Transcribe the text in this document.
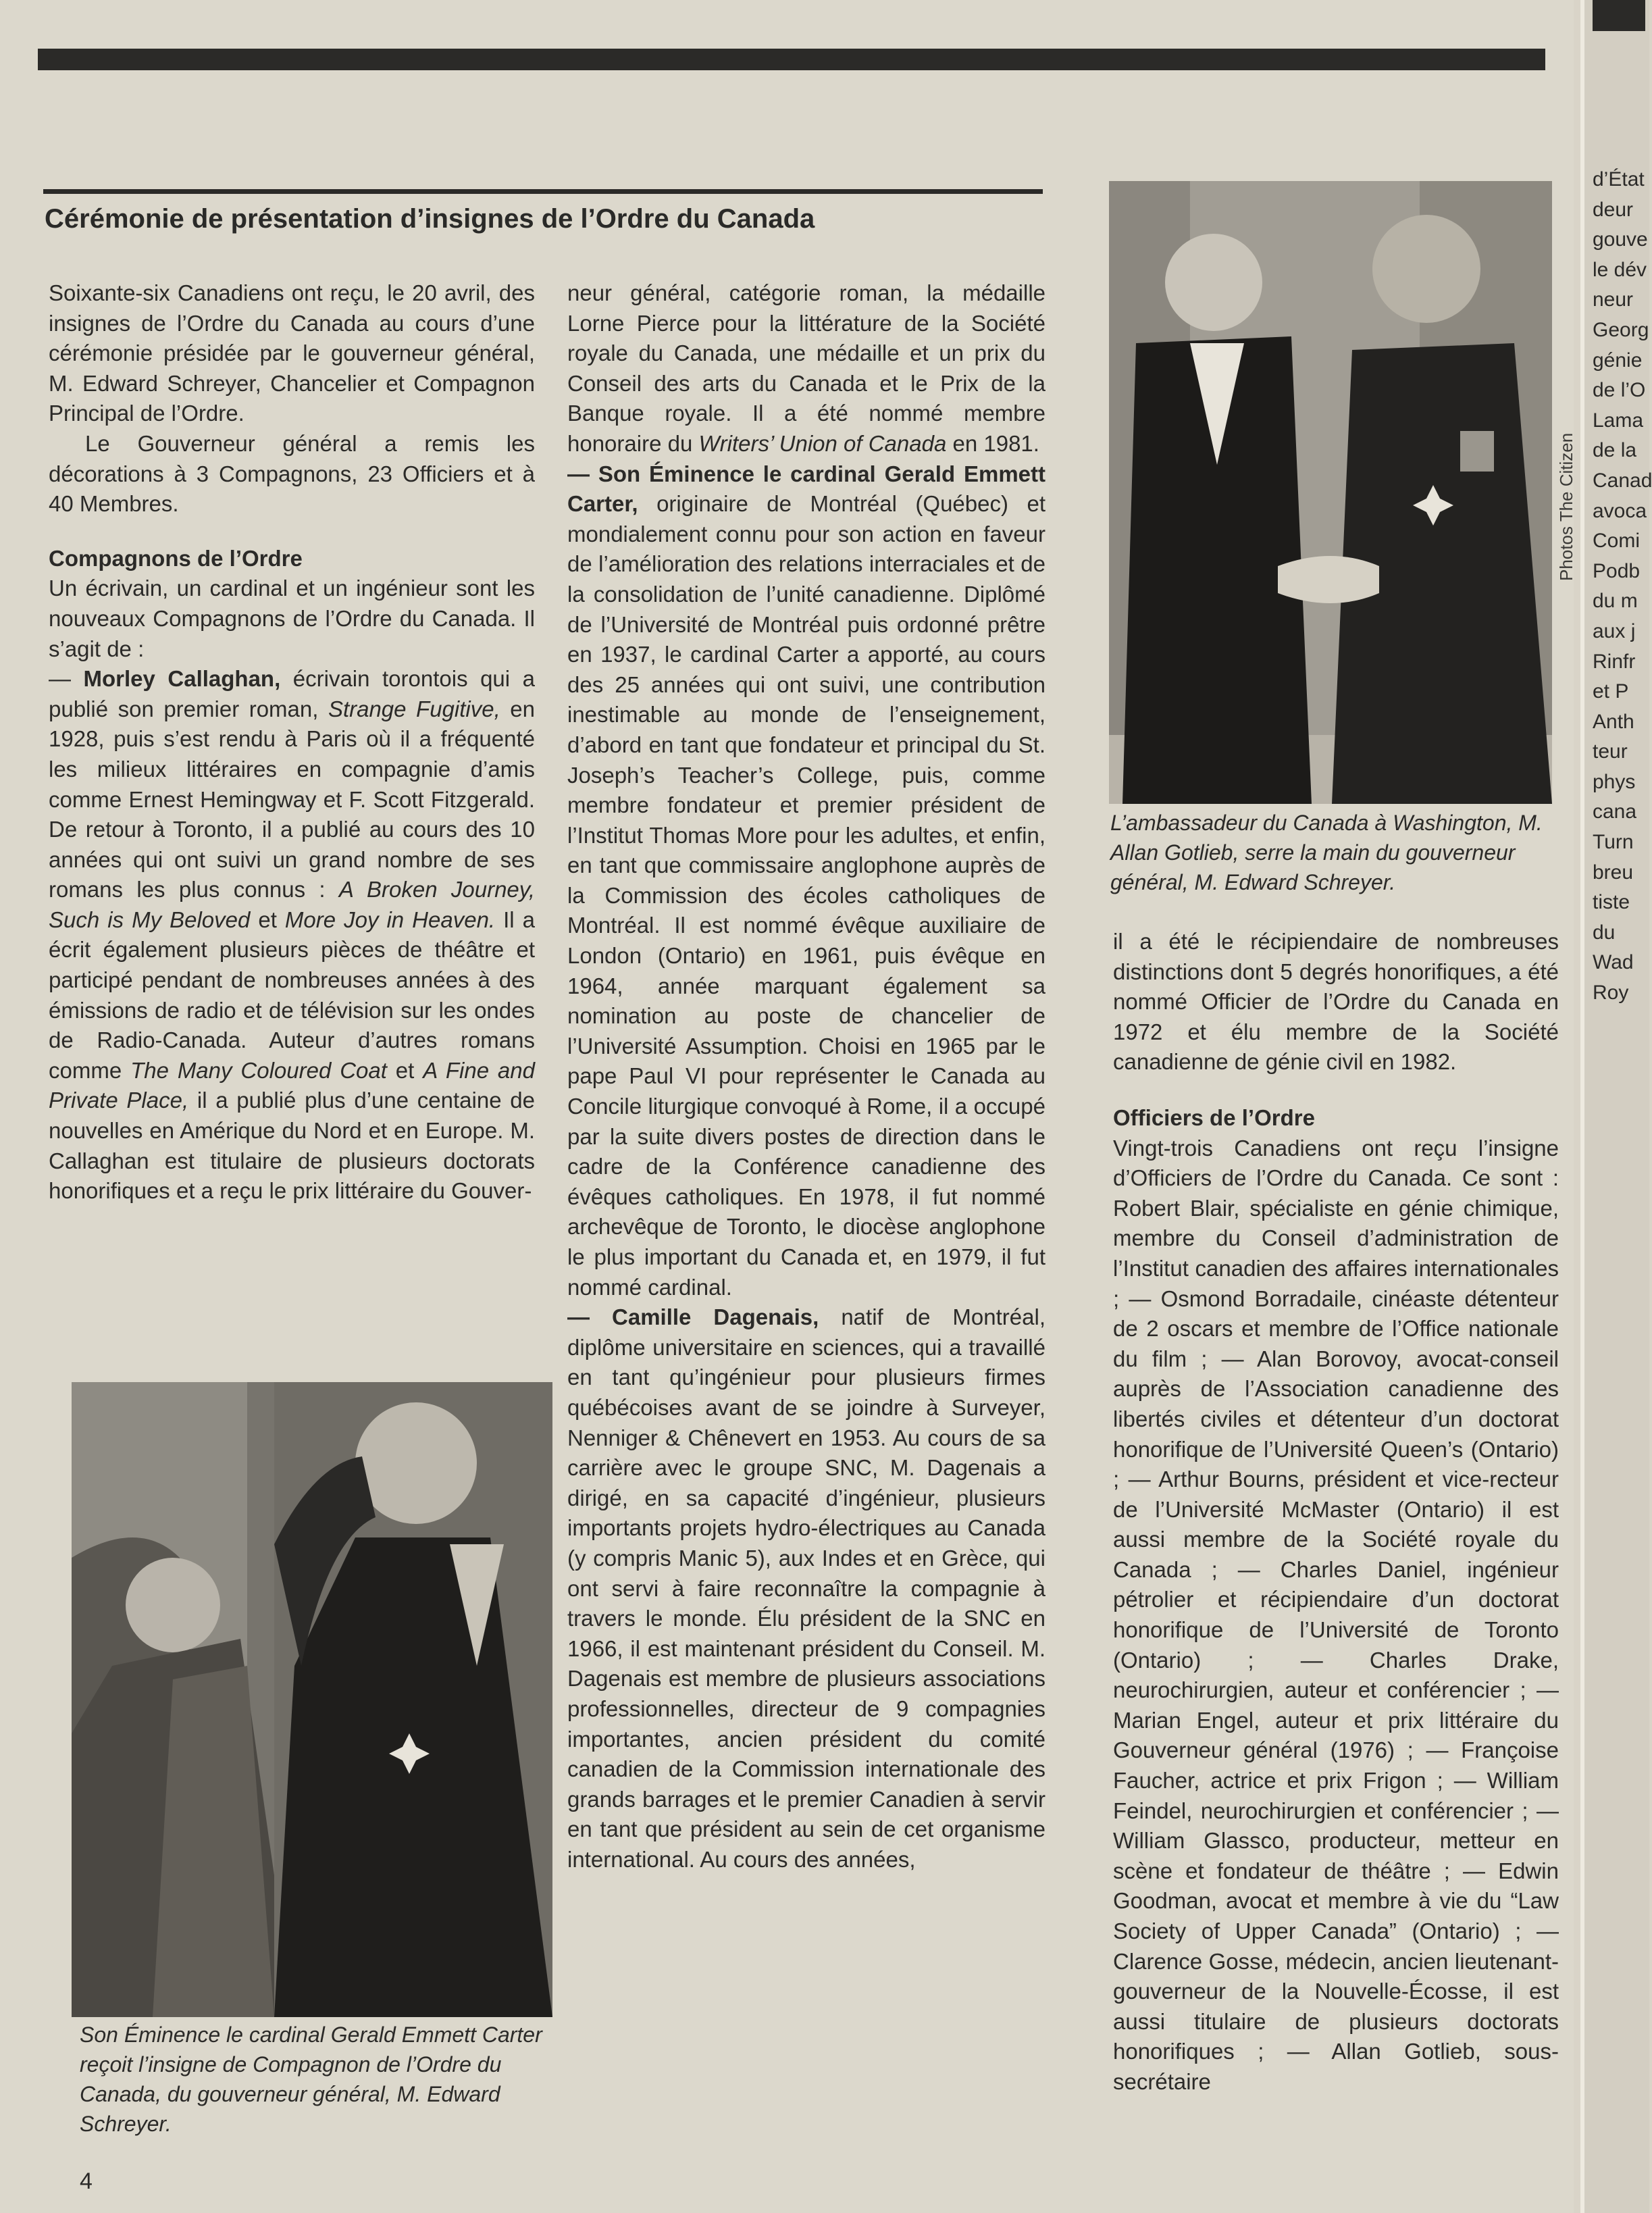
Cérémonie de présentation d’insignes de l’Ordre du Canada

Soixante-six Canadiens ont reçu, le 20 avril, des insignes de l’Ordre du Canada au cours d’une cérémonie présidée par le gouverneur général, M. Edward Schreyer, Chancelier et Compagnon Principal de l’Ordre.

Le Gouverneur général a remis les décorations à 3 Compagnons, 23 Officiers et à 40 Membres.

Compagnons de l’Ordre

Un écrivain, un cardinal et un ingénieur sont les nouveaux Compagnons de l’Ordre du Canada. Il s’agit de :

— Morley Callaghan, écrivain torontois qui a publié son premier roman, Strange Fugitive, en 1928, puis s’est rendu à Paris où il a fréquenté les milieux littéraires en compagnie d’amis comme Ernest Hemingway et F. Scott Fitzgerald. De retour à Toronto, il a publié au cours des 10 années qui ont suivi un grand nombre de ses romans les plus connus : A Broken Journey, Such is My Beloved et More Joy in Heaven. Il a écrit également plusieurs pièces de théâtre et participé pendant de nombreuses années à des émissions de radio et de télévision sur les ondes de Radio-Canada. Auteur d’autres romans comme The Many Coloured Coat et A Fine and Private Place, il a publié plus d’une centaine de nouvelles en Amérique du Nord et en Europe. M. Callaghan est titulaire de plusieurs doctorats honorifiques et a reçu le prix littéraire du Gouver-

Son Éminence le cardinal Gerald Emmett Carter reçoit l’insigne de Compagnon de l’Ordre du Canada, du gouverneur général, M. Edward Schreyer.

neur général, catégorie roman, la médaille Lorne Pierce pour la littérature de la Société royale du Canada, une médaille et un prix du Conseil des arts du Canada et le Prix de la Banque royale. Il a été nommé membre honoraire du Writers’ Union of Canada en 1981.

— Son Éminence le cardinal Gerald Emmett Carter, originaire de Montréal (Québec) et mondialement connu pour son action en faveur de l’amélioration des relations interraciales et de la consolidation de l’unité canadienne. Diplômé de l’Université de Montréal puis ordonné prêtre en 1937, le cardinal Carter a apporté, au cours des 25 années qui ont suivi, une contribution inestimable au monde de l’enseignement, d’abord en tant que fondateur et principal du St. Joseph’s Teacher’s College, puis, comme membre fondateur et premier président de l’Institut Thomas More pour les adultes, et enfin, en tant que commissaire anglophone auprès de la Commission des écoles catholiques de Montréal. Il est nommé évêque auxiliaire de London (Ontario) en 1961, puis évêque en 1964, année marquant également sa nomination au poste de chancelier de l’Université Assumption. Choisi en 1965 par le pape Paul VI pour représenter le Canada au Concile liturgique convoqué à Rome, il a occupé par la suite divers postes de direction dans le cadre de la Conférence canadienne des évêques catholiques. En 1978, il fut nommé archevêque de Toronto, le diocèse anglophone le plus important du Canada et, en 1979, il fut nommé cardinal.

— Camille Dagenais, natif de Montréal, diplôme universitaire en sciences, qui a travaillé en tant qu’ingénieur pour plusieurs firmes québécoises avant de se joindre à Surveyer, Nenniger & Chênevert en 1953. Au cours de sa carrière avec le groupe SNC, M. Dagenais a dirigé, en sa capacité d’ingénieur, plusieurs importants projets hydro-électriques au Canada (y compris Manic 5), aux Indes et en Grèce, qui ont servi à faire reconnaître la compagnie à travers le monde. Élu président de la SNC en 1966, il est maintenant président du Conseil. M. Dagenais est membre de plusieurs associations professionnelles, directeur de 9 compagnies importantes, ancien président du comité canadien de la Commission internationale des grands barrages et le premier Canadien à servir en tant que président au sein de cet organisme international. Au cours des années,

Photos The Citizen

L’ambassadeur du Canada à Washington, M. Allan Gotlieb, serre la main du gouverneur général, M. Edward Schreyer.

il a été le récipiendaire de nombreuses distinctions dont 5 degrés honorifiques, a été nommé Officier de l’Ordre du Canada en 1972 et élu membre de la Société canadienne de génie civil en 1982.

Officiers de l’Ordre

Vingt-trois Canadiens ont reçu l’insigne d’Officiers de l’Ordre du Canada. Ce sont : Robert Blair, spécialiste en génie chimique, membre du Conseil d’administration de l’Institut canadien des affaires internationales ; — Osmond Borradaile, cinéaste détenteur de 2 oscars et membre de l’Office nationale du film ; — Alan Borovoy, avocat-conseil auprès de l’Association canadienne des libertés civiles et détenteur d’un doctorat honorifique de l’Université Queen’s (Ontario) ; — Arthur Bourns, président et vice-recteur de l’Université McMaster (Ontario) il est aussi membre de la Société royale du Canada ; — Charles Daniel, ingénieur pétrolier et récipiendaire d’un doctorat honorifique de l’Université de Toronto (Ontario) ; — Charles Drake, neurochirurgien, auteur et conférencier ; — Marian Engel, auteur et prix littéraire du Gouverneur général (1976) ; — Françoise Faucher, actrice et prix Frigon ; — William Feindel, neurochirurgien et conférencier ; — William Glassco, producteur, metteur en scène et fondateur de théâtre ; — Edwin Goodman, avocat et membre à vie du “Law Society of Upper Canada” (Ontario) ; — Clarence Gosse, médecin, ancien lieutenant-gouverneur de la Nouvelle-Écosse, il est aussi titulaire de plusieurs doctorats honorifiques ; — Allan Gotlieb, sous-secrétaire

4
d’État
deur
gouve
le dév
neur
Georg
génie
de l’O
Lama
de la
Canad
avoca
Comi
Podb
du m
aux j
Rinfr
et P
Anth
teur
phys
cana
Turn
breu
tiste
du
Wad
Roy
